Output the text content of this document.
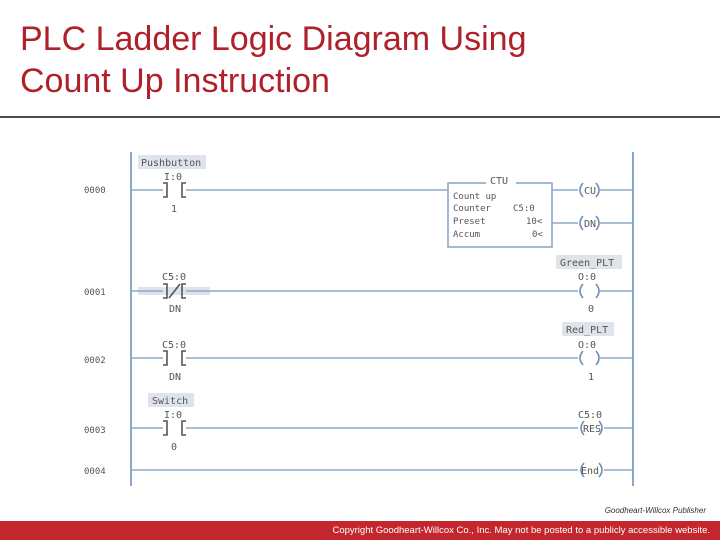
PLC Ladder Logic Diagram Using
Count Up Instruction
0000
Pushbutton
I:0
1
CTU
Count up
Counter C5:0
Preset	10<
Accum	0<
CU
DN
0001
C5:0
DN
Green_PLT
O:0
0
0002
C5:0
DN
Red_PLT
O:0
1
0003
Switch
I:0
0
C5:0
RES
0004	End
Goodheart-Willcox Publisher
Copyright Goodheart-Willcox Co., Inc. May not be posted to a publicly accessible website.
